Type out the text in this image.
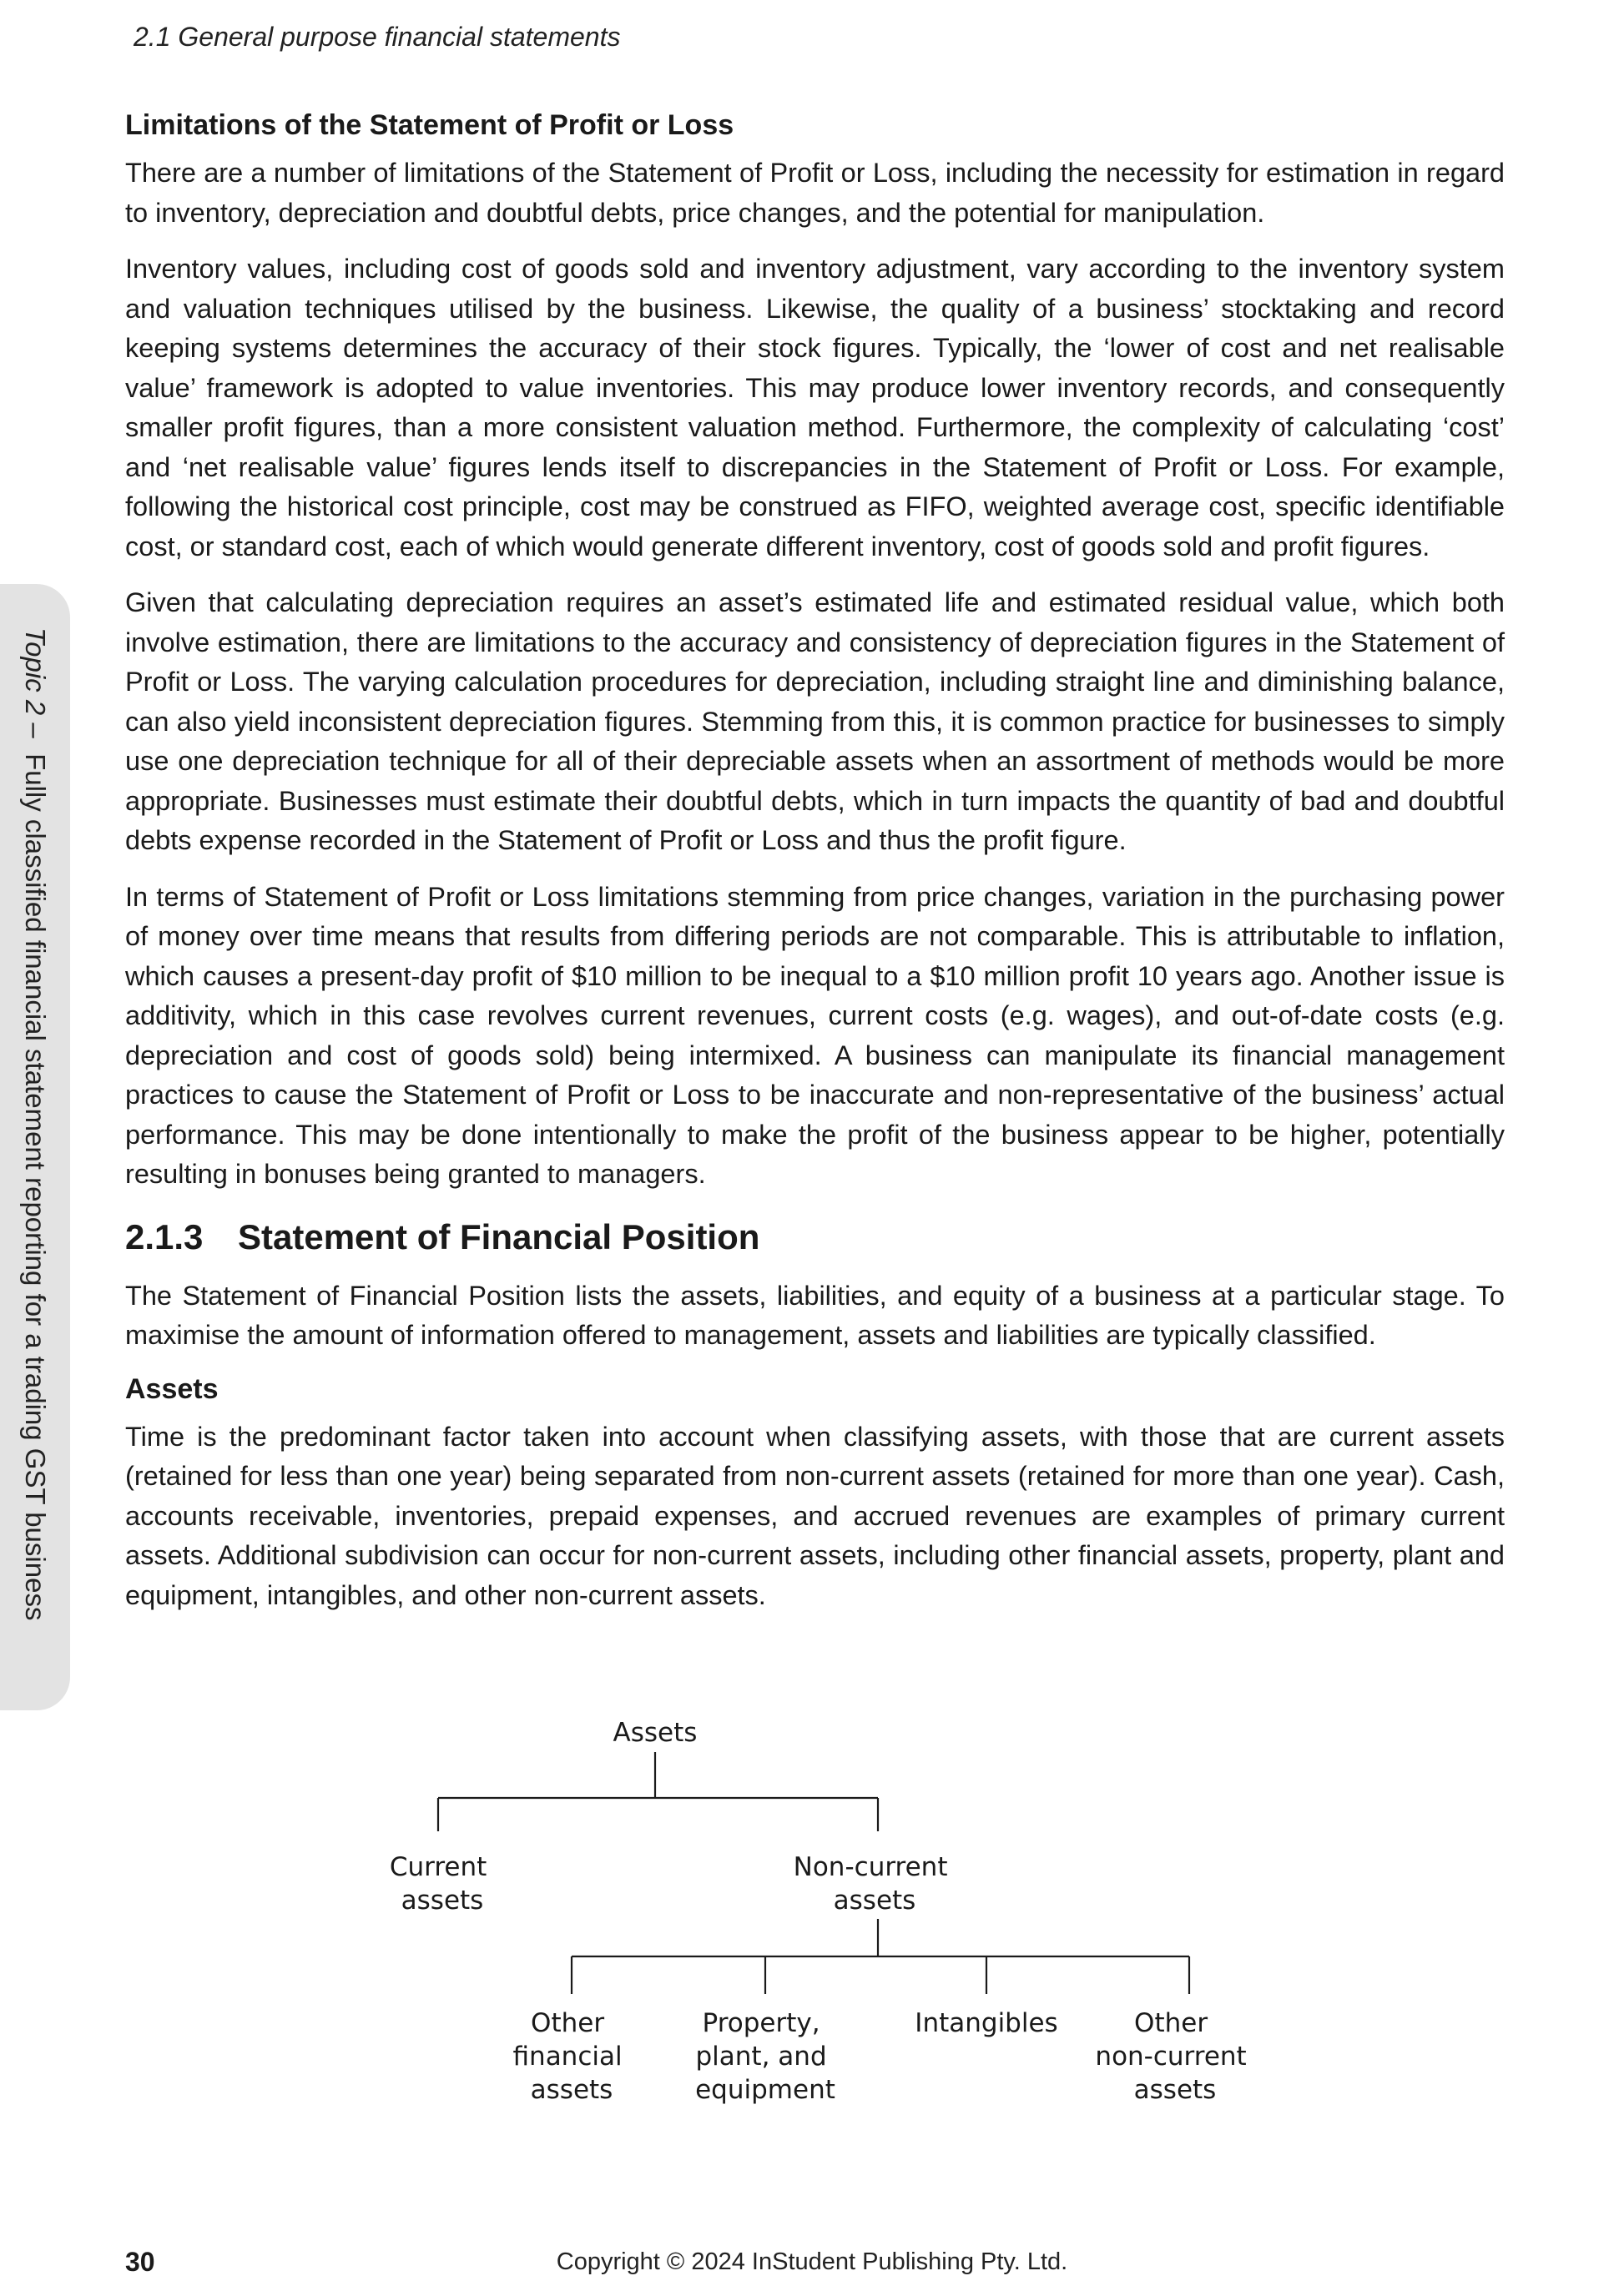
2.1 General purpose financial statements
Topic 2 –  Fully classified financial statement reporting for a trading GST business
Limitations of the Statement of Profit or Loss

There are a number of limitations of the Statement of Profit or Loss, including the necessity for estimation in regard to inventory, depreciation and doubtful debts, price changes, and the potential for manipulation.

Inventory values, including cost of goods sold and inventory adjustment, vary according to the inventory system and valuation techniques utilised by the business. Likewise, the quality of a business’ stocktaking and record keeping systems determines the accuracy of their stock figures. Typically, the ‘lower of cost and net realisable value’ framework is adopted to value inventories. This may produce lower inventory records, and consequently smaller profit figures, than a more consistent valuation method. Furthermore, the complexity of calculating ‘cost’ and ‘net realisable value’ figures lends itself to discrepancies in the Statement of Profit or Loss. For example, following the historical cost principle, cost may be construed as FIFO, weighted average cost, specific identifiable cost, or standard cost, each of which would generate different inventory, cost of goods sold and profit figures.

Given that calculating depreciation requires an asset’s estimated life and estimated residual value, which both involve estimation, there are limitations to the accuracy and consistency of depreciation figures in the Statement of Profit or Loss. The varying calculation procedures for depreciation, including straight line and diminishing balance, can also yield inconsistent depreciation figures. Stemming from this, it is common practice for businesses to simply use one depreciation technique for all of their depreciable assets when an assortment of methods would be more appropriate. Businesses must estimate their doubtful debts, which in turn impacts the quantity of bad and doubtful debts expense recorded in the Statement of Profit or Loss and thus the profit figure.

In terms of Statement of Profit or Loss limitations stemming from price changes, variation in the purchasing power of money over time means that results from differing periods are not comparable. This is attributable to inflation, which causes a present-day profit of $10 million to be inequal to a $10 million profit 10 years ago. Another issue is additivity, which in this case revolves current revenues, current costs (e.g. wages), and out-of-date costs (e.g. depreciation and cost of goods sold) being intermixed. A business can manipulate its financial management practices to cause the Statement of Profit or Loss to be inaccurate and non-representative of the business’ actual performance. This may be done intentionally to make the profit of the business appear to be higher, potentially resulting in bonuses being granted to managers.

2.1.3 Statement of Financial Position

The Statement of Financial Position lists the assets, liabilities, and equity of a business at a particular stage. To maximise the amount of information offered to management, assets and liabilities are typically classified.

Assets

Time is the predominant factor taken into account when classifying assets, with those that are current assets (retained for less than one year) being separated from non-current assets (retained for more than one year). Cash, accounts receivable, inventories, prepaid expenses, and accrued revenues are examples of primary current assets. Additional subdivision can occur for non-current assets, including other financial assets, property, plant and equipment, intangibles, and other non-current assets.

Assets
Current assets
Non-current assets
Other financial assets
Property, plant, and equipment
Intangibles	Other non-current assets
30	Copyright © 2024 InStudent Publishing Pty. Ltd.
